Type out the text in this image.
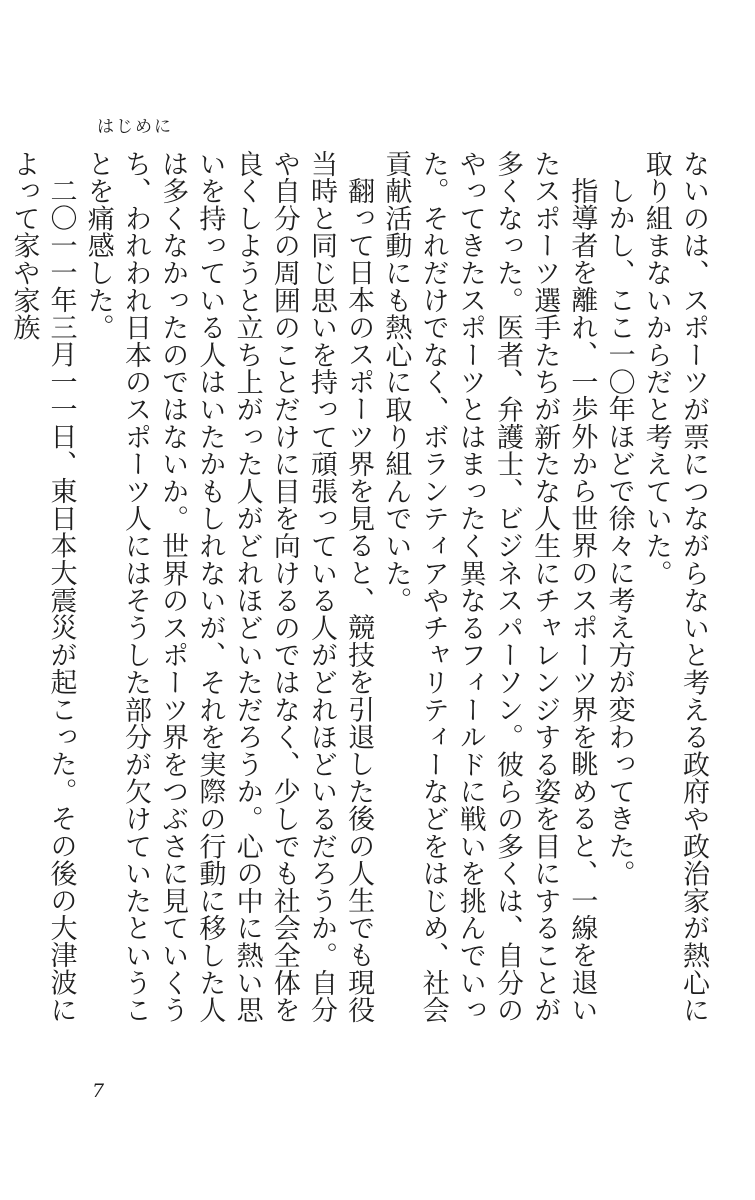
はじめに

ないのは、スポーツが票につながらないと考える政府や政治家が熱心に取り組まないからだと考えていた。

しかし、ここ一〇年ほどで徐々に考え方が変わってきた。

指導者を離れ、一歩外から世界のスポーツ界を眺めると、一線を退いたスポーツ選手たちが新たな人生にチャレンジする姿を目にすることが多くなった。医者、弁護士、ビジネスパーソン。彼らの多くは、自分のやってきたスポーツとはまったく異なるフィールドに戦いを挑んでいった。それだけでなく、ボランティアやチャリティーなどをはじめ、社会貢献活動にも熱心に取り組んでいた。

翻って日本のスポーツ界を見ると、競技を引退した後の人生でも現役当時と同じ思いを持って頑張っている人がどれほどいるだろうか。自分や自分の周囲のことだけに目を向けるのではなく、少しでも社会全体を良くしようと立ち上がった人がどれほどいただろうか。心の中に熱い思いを持っている人はいたかもしれないが、それを実際の行動に移した人は多くなかったのではないか。世界のスポーツ界をつぶさに見ていくうち、われわれ日本のスポーツ人にはそうした部分が欠けていたということを痛感した。

二〇一一年三月一一日、東日本大震災が起こった。その後の大津波によって家や家族

7
